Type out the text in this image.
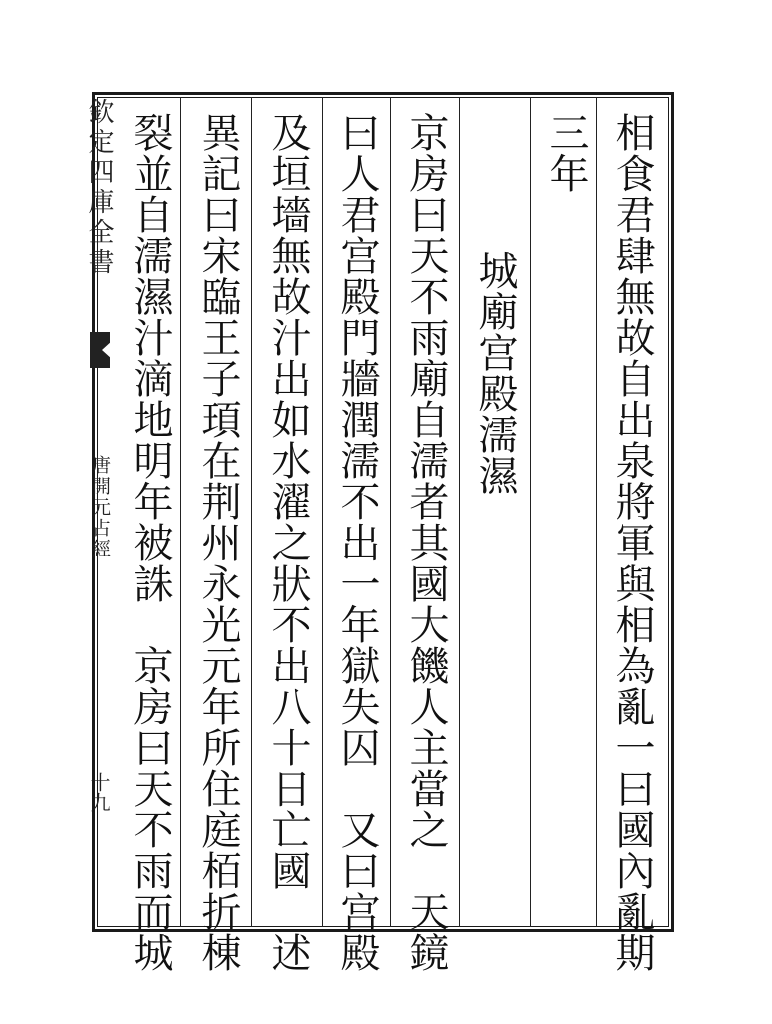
欽定四庫全書
唐開元占經
十九	相食君肆無故自出泉將軍與相為亂一曰國內亂期
三年
城廟宫殿濡濕
京房曰天不雨廟自濡者其國大饑人主當之　天鏡
曰人君宫殿門牆潤濡不出一年獄失囚　又曰宫殿
及垣墻無故汁出如水濯之狀不出八十日亡國　述
異記曰宋臨王子頊在荆州永光元年所住庭栢折棟
裂並自濡濕汁滴地明年被誅　京房曰天不雨而城
